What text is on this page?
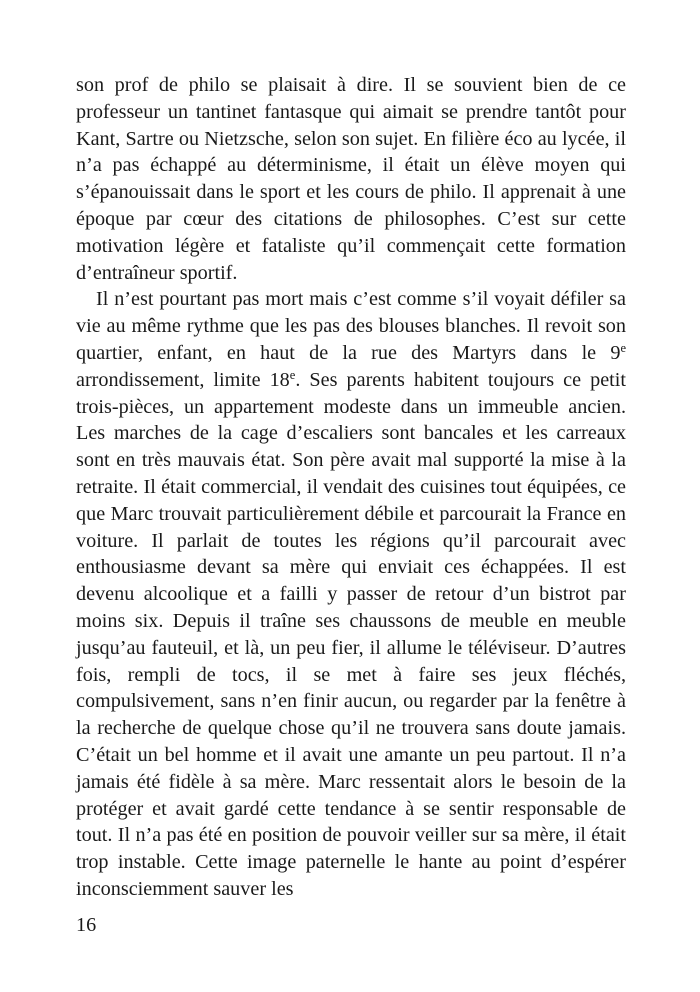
son prof de philo se plaisait à dire. Il se souvient bien de ce professeur un tantinet fantasque qui aimait se prendre tantôt pour Kant, Sartre ou Nietzsche, selon son sujet. En filière éco au lycée, il n’a pas échappé au déterminisme, il était un élève moyen qui s’épanouissait dans le sport et les cours de philo. Il apprenait à une époque par cœur des citations de philosophes. C’est sur cette motivation légère et fataliste qu’il commençait cette formation d’entraîneur sportif.

Il n’est pourtant pas mort mais c’est comme s’il voyait défiler sa vie au même rythme que les pas des blouses blanches. Il revoit son quartier, enfant, en haut de la rue des Martyrs dans le 9e arrondissement, limite 18e. Ses parents habitent toujours ce petit trois-pièces, un appartement modeste dans un immeuble ancien. Les marches de la cage d’escaliers sont bancales et les carreaux sont en très mauvais état. Son père avait mal supporté la mise à la retraite. Il était commercial, il vendait des cuisines tout équipées, ce que Marc trouvait particulièrement débile et parcourait la France en voiture. Il parlait de toutes les régions qu’il parcourait avec enthousiasme devant sa mère qui enviait ces échappées. Il est devenu alcoolique et a failli y passer de retour d’un bistrot par moins six. Depuis il traîne ses chaussons de meuble en meuble jusqu’au fauteuil, et là, un peu fier, il allume le téléviseur. D’autres fois, rempli de tocs, il se met à faire ses jeux fléchés, compulsivement, sans n’en finir aucun, ou regarder par la fenêtre à la recherche de quelque chose qu’il ne trouvera sans doute jamais. C’était un bel homme et il avait une amante un peu partout. Il n’a jamais été fidèle à sa mère. Marc ressentait alors le besoin de la protéger et avait gardé cette tendance à se sentir responsable de tout. Il n’a pas été en position de pouvoir veiller sur sa mère, il était trop instable. Cette image paternelle le hante au point d’espérer inconsciemment sauver les

16
